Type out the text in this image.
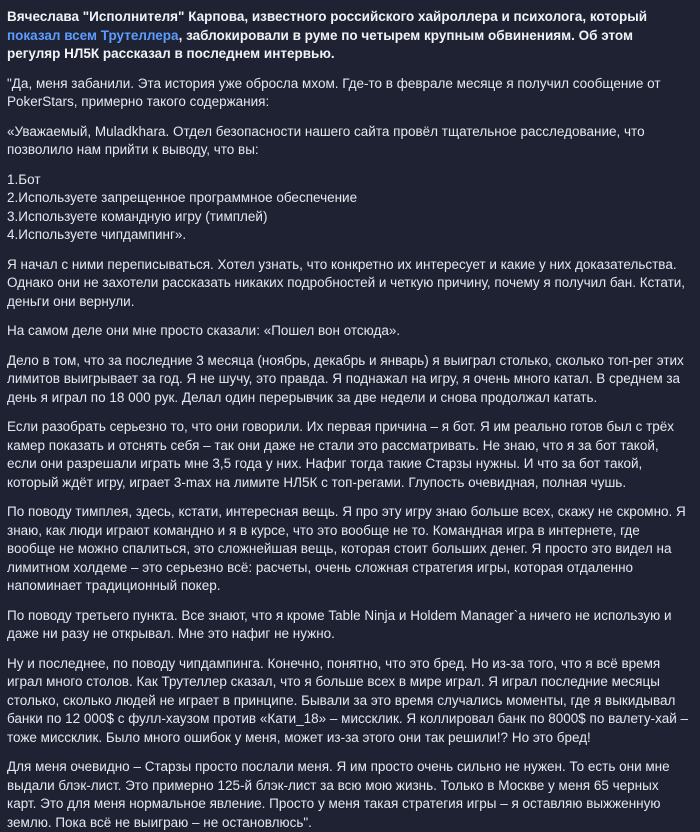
Вячеслава "Исполнителя" Карпова, известного российского хайроллера и психолога, который показал всем Трутеллера, заблокировали в руме по четырем крупным обвинениям. Об этом регуляр НЛ5К рассказал в последнем интервью.

"Да, меня забанили. Эта история уже обросла мхом. Где-то в феврале месяце я получил сообщение от PokerStars, примерно такого содержания:

«Уважаемый, Muladkhara. Отдел безопасности нашего сайта провёл тщательное расследование, что позволило нам прийти к выводу, что вы:

1.Бот
2.Используете запрещенное программное обеспечение
3.Используете командную игру (тимплей)
4.Используете чипдампинг».

Я начал с ними переписываться. Хотел узнать, что конкретно их интересует и какие у них доказательства. Однако они не захотели рассказать никаких подробностей и четкую причину, почему я получил бан. Кстати, деньги они вернули.

На самом деле они мне просто сказали: «Пошел вон отсюда».

Дело в том, что за последние 3 месяца (ноябрь, декабрь и январь) я выиграл столько, сколько топ-рег этих лимитов выигрывает за год. Я не шучу, это правда. Я поднажал на игру, я очень много катал. В среднем за день я играл по 18 000 рук. Делал один перерывчик за две недели и снова продолжал катать.

Если разобрать серьезно то, что они говорили. Их первая причина – я бот. Я им реально готов был с трёх камер показать и отснять себя – так они даже не стали это рассматривать. Не знаю, что я за бот такой, если они разрешали играть мне 3,5 года у них. Нафиг тогда такие Старзы нужны. И что за бот такой, который ждёт игру, играет 3-max на лимите НЛ5К с топ-регами. Глупость очевидная, полная чушь.

По поводу тимплея, здесь, кстати, интересная вещь. Я про эту игру знаю больше всех, скажу не скромно. Я знаю, как люди играют командно и я в курсе, что это вообще не то. Командная игра в интернете, где вообще не можно спалиться, это сложнейшая вещь, которая стоит больших денег. Я просто это видел на лимитном холдеме – это серьезно всё: расчеты, очень сложная стратегия игры, которая отдаленно напоминает традиционный покер.

По поводу третьего пункта. Все знают, что я кроме Table Ninja и Holdem Manager`а ничего не использую и даже ни разу не открывал. Мне это нафиг не нужно.

Ну и последнее, по поводу чипдампинга. Конечно, понятно, что это бред. Но из-за того, что я всё время играл много столов. Как Трутеллер сказал, что я больше всех в мире играл. Я играл последние месяцы столько, сколько людей не играет в принципе. Бывали за это время случались моменты, где я выкидывал банки по 12 000$ с фулл-хаузом против «Кати_18» – миссклик. Я коллировал банк по 8000$ по валету-хай – тоже миссклик. Было много ошибок у меня, может из-за этого они так решили!? Но это бред!

Для меня очевидно – Старзы просто послали меня. Я им просто очень сильно не нужен. То есть они мне выдали блэк-лист. Это примерно 125-й блэк-лист за всю мою жизнь. Только в Москве у меня 65 черных карт. Это для меня нормальное явление. Просто у меня такая стратегия игры – я оставляю выжженную землю. Пока всё не выиграю – не остановлюсь".
